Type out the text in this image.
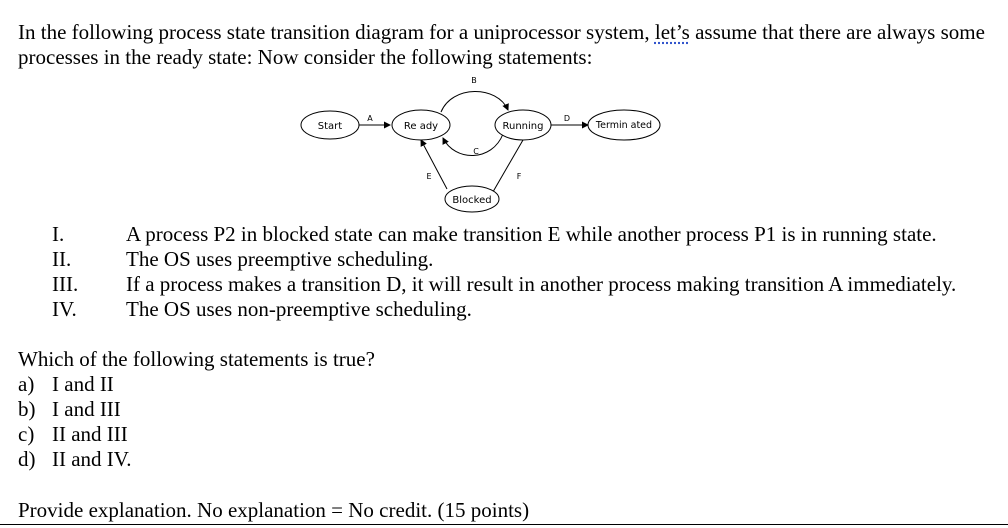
In the following process state transition diagram for a uniprocessor system, let’s assume that there are always some processes in the ready state: Now consider the following statements:

Start	Re ady	Running	Termin ated
Blocked
A
B
C
D
E	F
I.	A process P2 in blocked state can make transition E while another process P1 is in running state.
II.	The OS uses preemptive scheduling.
III. If a process makes a transition D, it will result in another process making transition A immediately.
IV. The OS uses non-preemptive scheduling.

Which of the following statements is true?

a) I and II
b) I and III
c) II and III
d) II and IV.

Provide explanation. No explanation = No credit. (15 points)
